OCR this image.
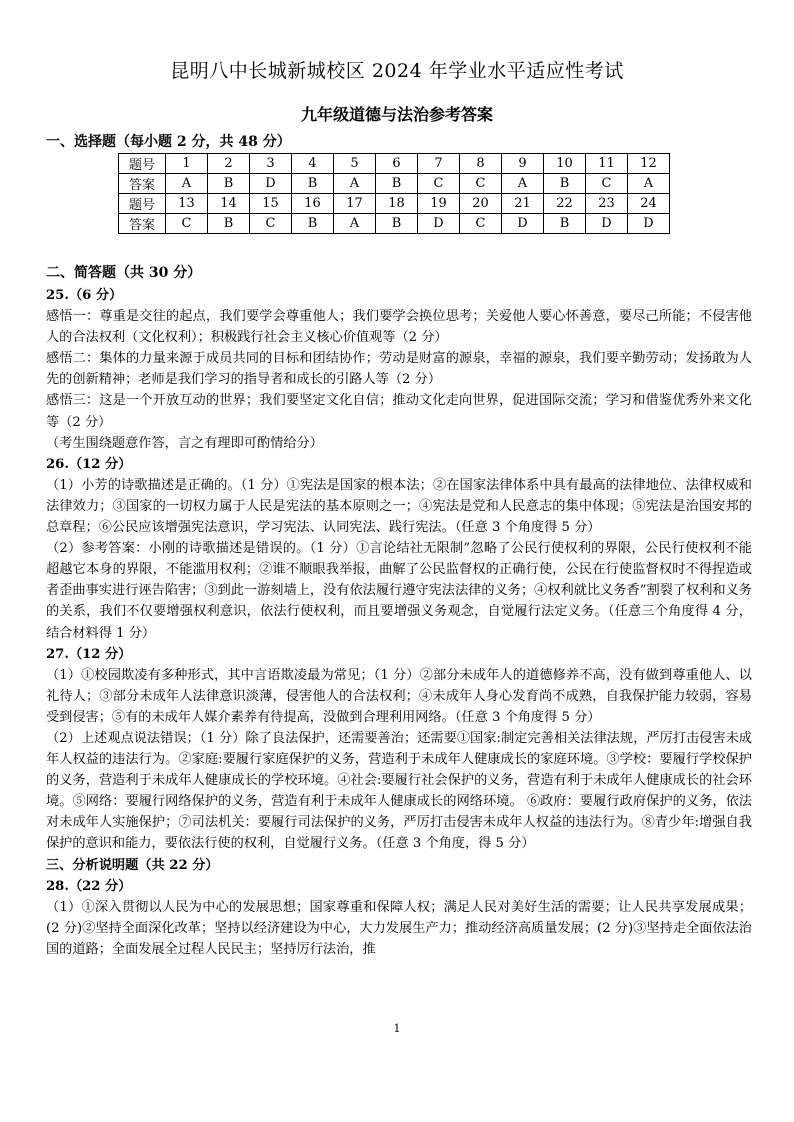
昆明八中长城新城校区 2024 年学业水平适应性考试
九年级道德与法治参考答案
一、选择题（每小题 2 分，共 48 分）
题号	1	2	3	4	5	6	7	8	9	10	11	12
答案	A	B	D	B	A	B	C	C	A	B	C	A
题号	13	14	15	16	17	18	19	20	21	22	23	24
答案	C	B	C	B	A	B	D	C	D	B	D	D
二、简答题（共 30 分）

25.（6 分）

感悟一：尊重是交往的起点，我们要学会尊重他人；我们要学会换位思考；关爱他人要心怀善意，要尽己所能；不侵害他人的合法权利（文化权利）；积极践行社会主义核心价值观等（2 分）

感悟二：集体的力量来源于成员共同的目标和团结协作；劳动是财富的源泉，幸福的源泉，我们要辛勤劳动；发扬敢为人先的创新精神；老师是我们学习的指导者和成长的引路人等（2 分）

感悟三：这是一个开放互动的世界；我们要坚定文化自信；推动文化走向世界，促进国际交流；学习和借鉴优秀外来文化等（2 分）

（考生围绕题意作答，言之有理即可酌情给分）

26.（12 分）

（1）小芳的诗歌描述是正确的。（1 分）①宪法是国家的根本法；②在国家法律体系中具有最高的法律地位、法律权威和法律效力；③国家的一切权力属于人民是宪法的基本原则之一；④宪法是党和人民意志的集中体现；⑤宪法是治国安邦的总章程；⑥公民应该增强宪法意识，学习宪法、认同宪法、践行宪法。（任意 3 个角度得 5 分）

（2）参考答案：小刚的诗歌描述是错误的。（1 分）①言论结社无限制”忽略了公民行使权利的界限，公民行使权利不能超越它本身的界限，不能滥用权利；②谁不顺眼我举报，曲解了公民监督权的正确行使，公民在行使监督权时不得捏造或者歪曲事实进行诬告陷害；③到此一游刻墙上，没有依法履行遵守宪法法律的义务；④权利就比义务香”割裂了权利和义务的关系，我们不仅要增强权利意识，依法行使权利，而且要增强义务观念，自觉履行法定义务。（任意三个角度得 4 分，结合材料得 1 分）

27.（12 分）

（1）①校园欺凌有多种形式，其中言语欺凌最为常见；（1 分）②部分未成年人的道德修养不高，没有做到尊重他人、以礼待人；③部分未成年人法律意识淡薄，侵害他人的合法权利；④未成年人身心发育尚不成熟，自我保护能力较弱，容易受到侵害；⑤有的未成年人媒介素养有待提高，没做到合理利用网络。（任意 3 个角度得 5 分）

（2）上述观点说法错误；（1 分）除了良法保护，还需要善治；还需要①国家:制定完善相关法律法规，严厉打击侵害未成年人权益的违法行为。②家庭:要履行家庭保护的义务，营造利于未成年人健康成长的家庭环境。③学校：要履行学校保护的义务，营造利于未成年人健康成长的学校环境。④社会:要履行社会保护的义务，营造有利于未成年人健康成长的社会环境。⑤网络：要履行网络保护的义务，营造有利于未成年人健康成长的网络环境。 ⑥政府：要履行政府保护的义务，依法对未成年人实施保护；⑦司法机关：要履行司法保护的义务，严厉打击侵害未成年人权益的违法行为。⑧青少年:增强自我保护的意识和能力，要依法行使的权利，自觉履行义务。（任意 3 个角度，得 5 分）

三、分析说明题（共 22 分）

28.（22 分）

（1）①深入贯彻以人民为中心的发展思想；国家尊重和保障人权；满足人民对美好生活的需要；让人民共享发展成果；(2 分)②坚持全面深化改革；坚持以经济建设为中心，大力发展生产力；推动经济高质量发展；(2 分)③坚持走全面依法治国的道路；全面发展全过程人民民主；坚持厉行法治，推

1
